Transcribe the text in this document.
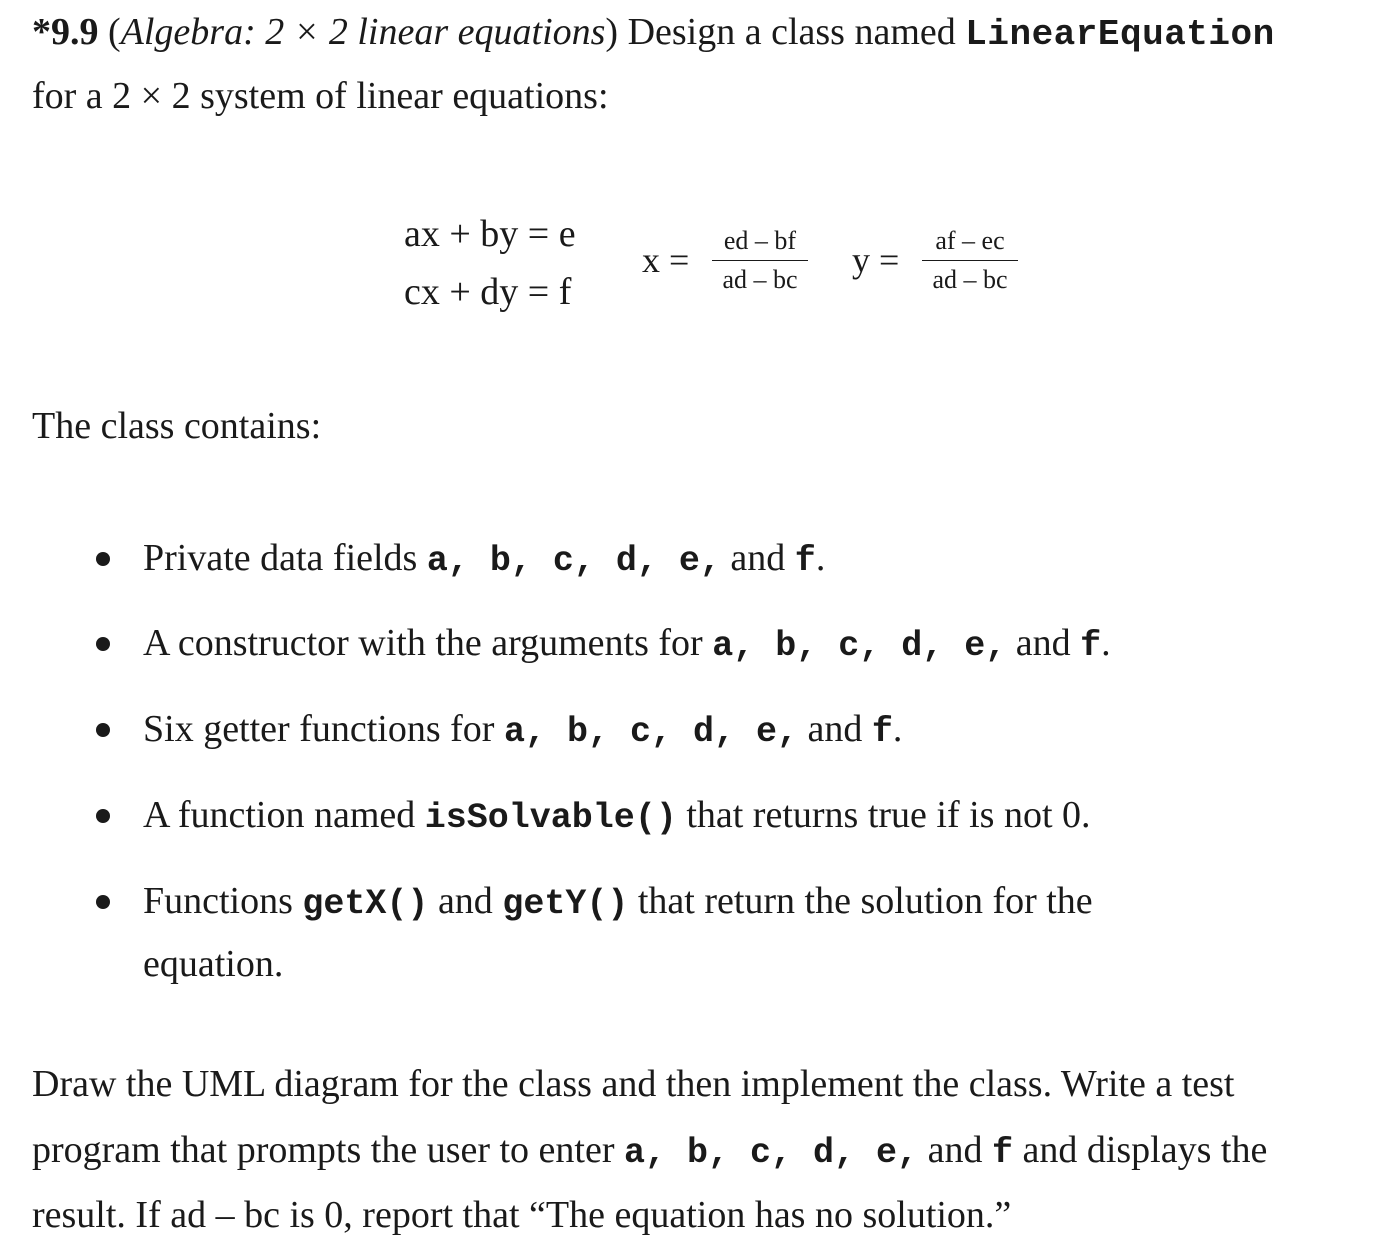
*9.9 (Algebra: 2 × 2 linear equations) Design a class named LinearEquation
for a 2 × 2 system of linear equations:
ax + by = e
cx + dy = f
x =	ed – bf
ad – bc y =	af – ec
ad – bc
The class contains:
Private data fields a, b, c, d, e, and f.
A constructor with the arguments for a, b, c, d, e, and f.
Six getter functions for a, b, c, d, e, and f.
A function named isSolvable() that returns true if is not 0.
Functions getX() and getY() that return the solution for the
equation.
Draw the UML diagram for the class and then implement the class. Write a test
program that prompts the user to enter a, b, c, d, e, and f and displays the
result. If ad – bc is 0, report that “The equation has no solution.”
